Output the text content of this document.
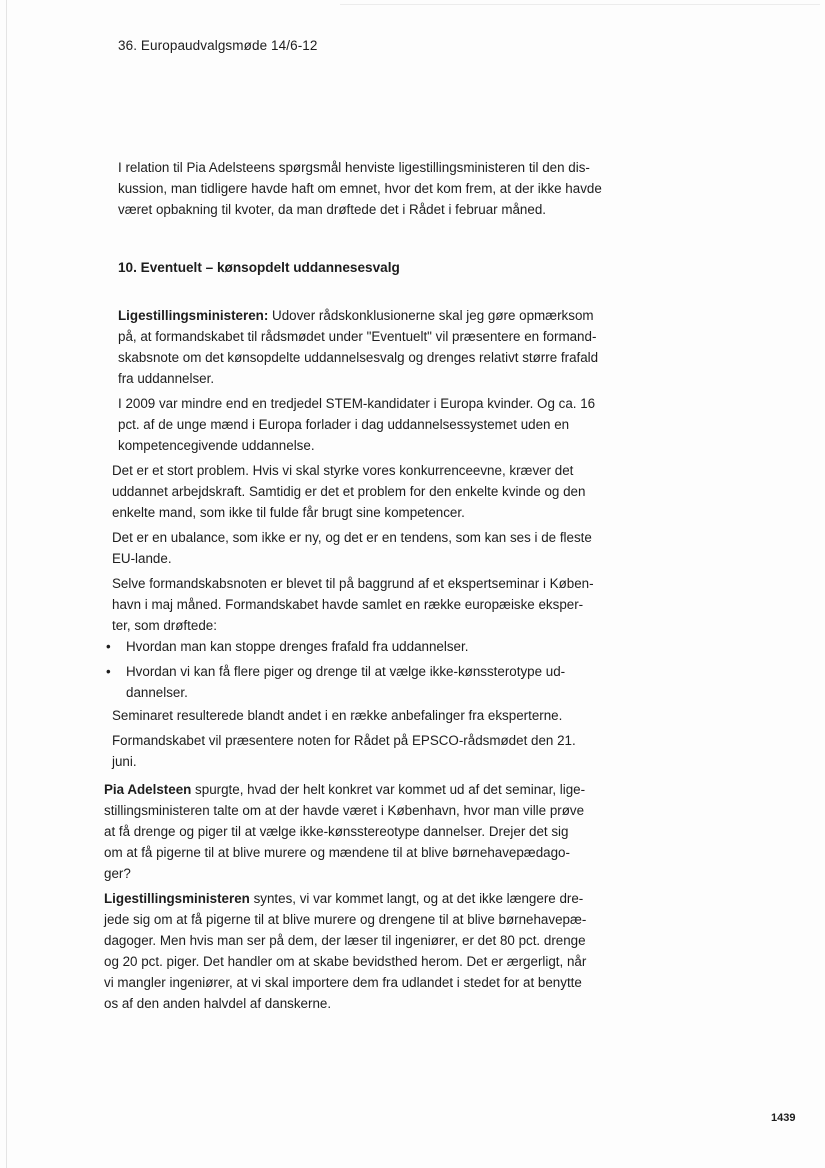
36. Europaudvalgsmøde 14/6-12

I relation til Pia Adelsteens spørgsmål henviste ligestillingsministeren til den dis-
kussion, man tidligere havde haft om emnet, hvor det kom frem, at der ikke havde
været opbakning til kvoter, da man drøftede det i Rådet i februar måned.

10. Eventuelt – kønsopdelt uddannesesvalg

Ligestillingsministeren: Udover rådskonklusionerne skal jeg gøre opmærksom
på, at formandskabet til rådsmødet under "Eventuelt" vil præsentere en formand-
skabsnote om det kønsopdelte uddannelsesvalg og drenges relativt større frafald
fra uddannelser.

I 2009 var mindre end en tredjedel STEM-kandidater i Europa kvinder. Og ca. 16
pct. af de unge mænd i Europa forlader i dag uddannelsessystemet uden en
kompetencegivende uddannelse.

Det er et stort problem. Hvis vi skal styrke vores konkurrenceevne, kræver det
uddannet arbejdskraft. Samtidig er det et problem for den enkelte kvinde og den
enkelte mand, som ikke til fulde får brugt sine kompetencer.

Det er en ubalance, som ikke er ny, og det er en tendens, som kan ses i de fleste
EU-lande.

Selve formandskabsnoten er blevet til på baggrund af et ekspertseminar i Køben-
havn i maj måned. Formandskabet havde samlet en række europæiske eksper-
ter, som drøftede:

• Hvordan man kan stoppe drenges frafald fra uddannelser.
• Hvordan vi kan få flere piger og drenge til at vælge ikke-kønssterotype ud-
dannelser.

Seminaret resulterede blandt andet i en række anbefalinger fra eksperterne.

Formandskabet vil præsentere noten for Rådet på EPSCO-rådsmødet den 21.
juni.

Pia Adelsteen spurgte, hvad der helt konkret var kommet ud af det seminar, lige-
stillingsministeren talte om at der havde været i København, hvor man ville prøve
at få drenge og piger til at vælge ikke-kønsstereotype dannelser. Drejer det sig
om at få pigerne til at blive murere og mændene til at blive børnehavepædago-
ger?

Ligestillingsministeren syntes, vi var kommet langt, og at det ikke længere dre-
jede sig om at få pigerne til at blive murere og drengene til at blive børnehavepæ-
dagoger. Men hvis man ser på dem, der læser til ingeniører, er det 80 pct. drenge
og 20 pct. piger. Det handler om at skabe bevidsthed herom. Det er ærgerligt, når
vi mangler ingeniører, at vi skal importere dem fra udlandet i stedet for at benytte
os af den anden halvdel af danskerne.

1439
